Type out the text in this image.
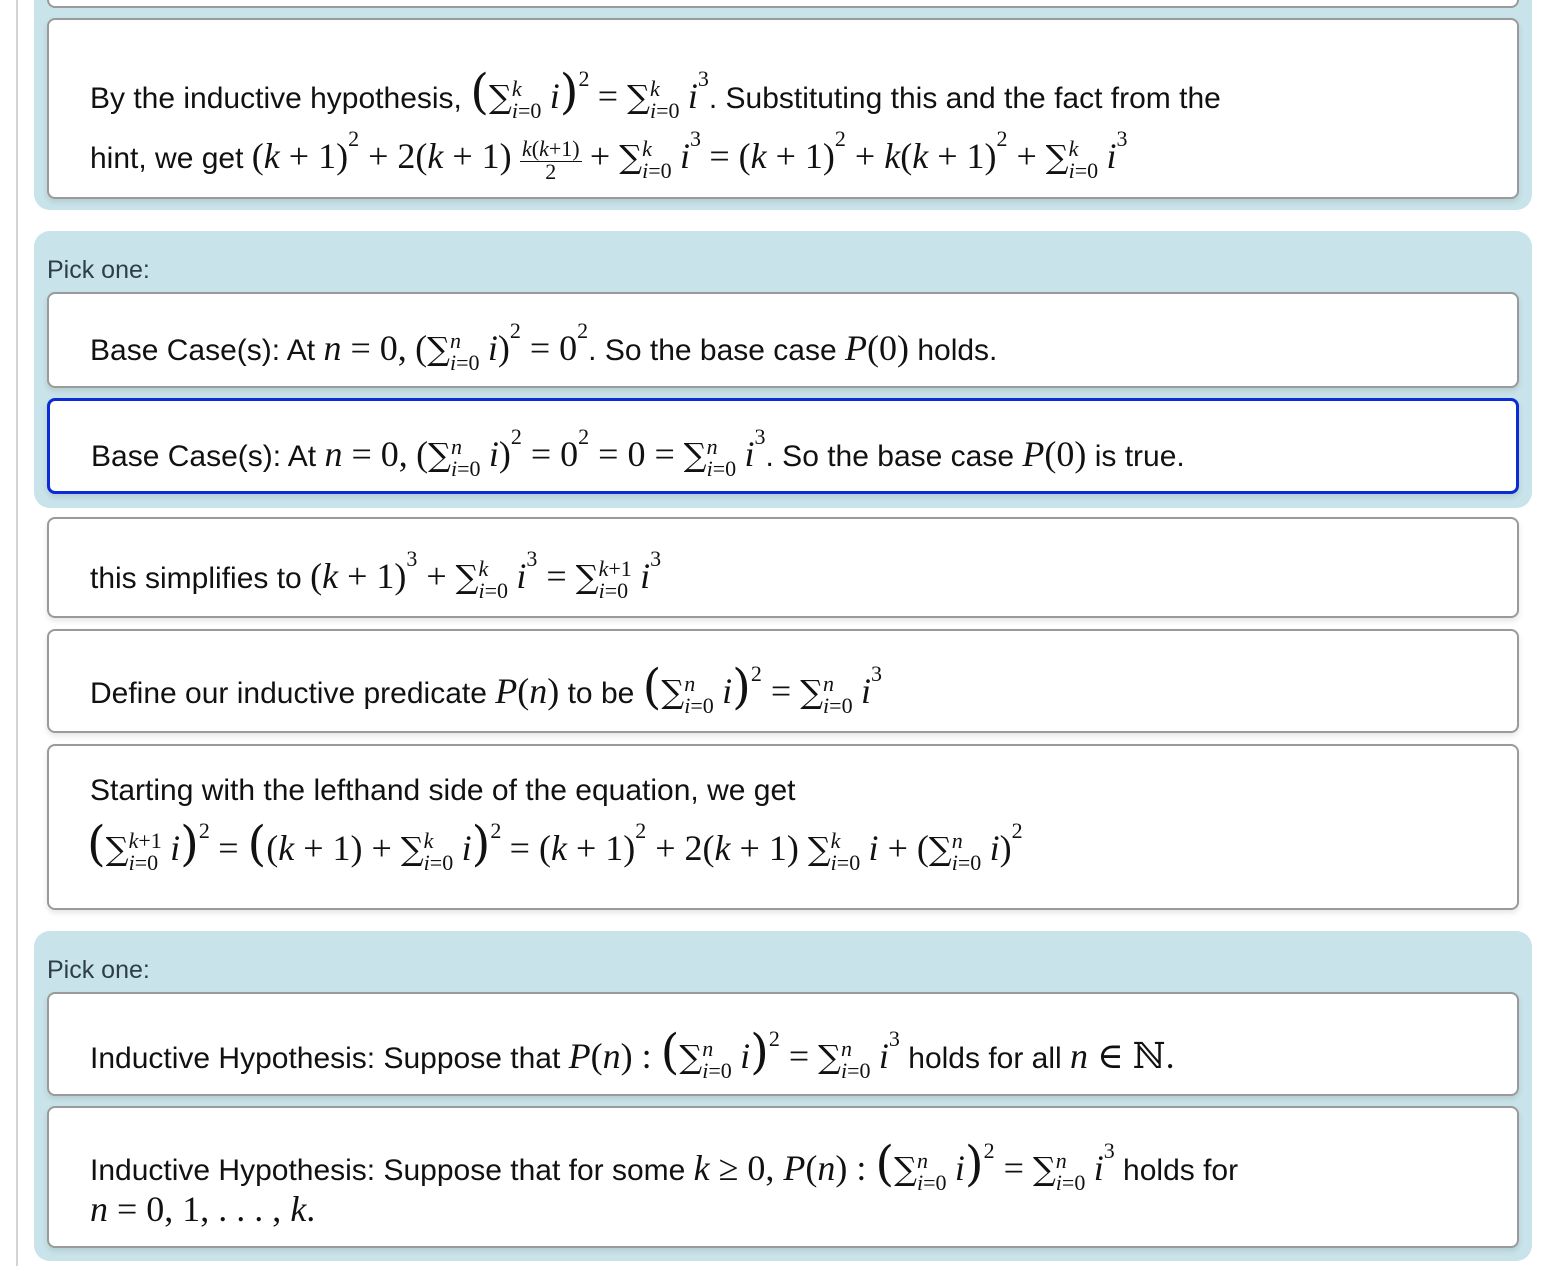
By the inductive hypothesis, (∑ k
i=0 i)$^2$ = ∑ k
i=0 $i^3$. Substituting this and the fact from the
hint, we get $(k + 1)^2 + 2(k + 1) \frac{k(k+1)}{2}$ + ∑ k
i=0 $i^3 = (k + 1)^2 + k(k + 1)^2$ + ∑ k
i=0 $i^3$
Pick one:
Base Case(s): At n = 0, (∑ n
i=0 $i)^2 = 0^2$. So the base case P(0) holds.
Base Case(s): At n = 0, (∑ n
i=0 $i)^2 = 0^2 = 0$ = ∑ n
i=0 $i^3$. So the base case P(0) is true.
this simplifies to $(k + 1)^3$ + ∑ k
i=0 $i^3$ = ∑ k+1
i=0 $i^3$
Define our inductive predicate P(n) to be (∑ n
i=0 i)$^2$ = ∑ n
i=0 $i^3$
Starting with the lefthand side of the equation, we get
(∑ k+1
i=0 i)$^2$ = ((k + 1) + ∑ k
i=0 $i)^2 = (k + 1)^2 + 2(k + 1)$ ∑ k
i=0 i + (∑ n
i=0 i)$^2$
Pick one:
Inductive Hypothesis: Suppose that P(n) : (∑ n
i=0 i)$^2$ = ∑ n
i=0 $i^3$ holds for all n ∈ ℕ.
Inductive Hypothesis: Suppose that for some k ≥ 0, P(n) : (∑ n
i=0 i)$^2$ = ∑ n
i=0 $i^3$ holds for
n = 0, 1, . . . , k.
